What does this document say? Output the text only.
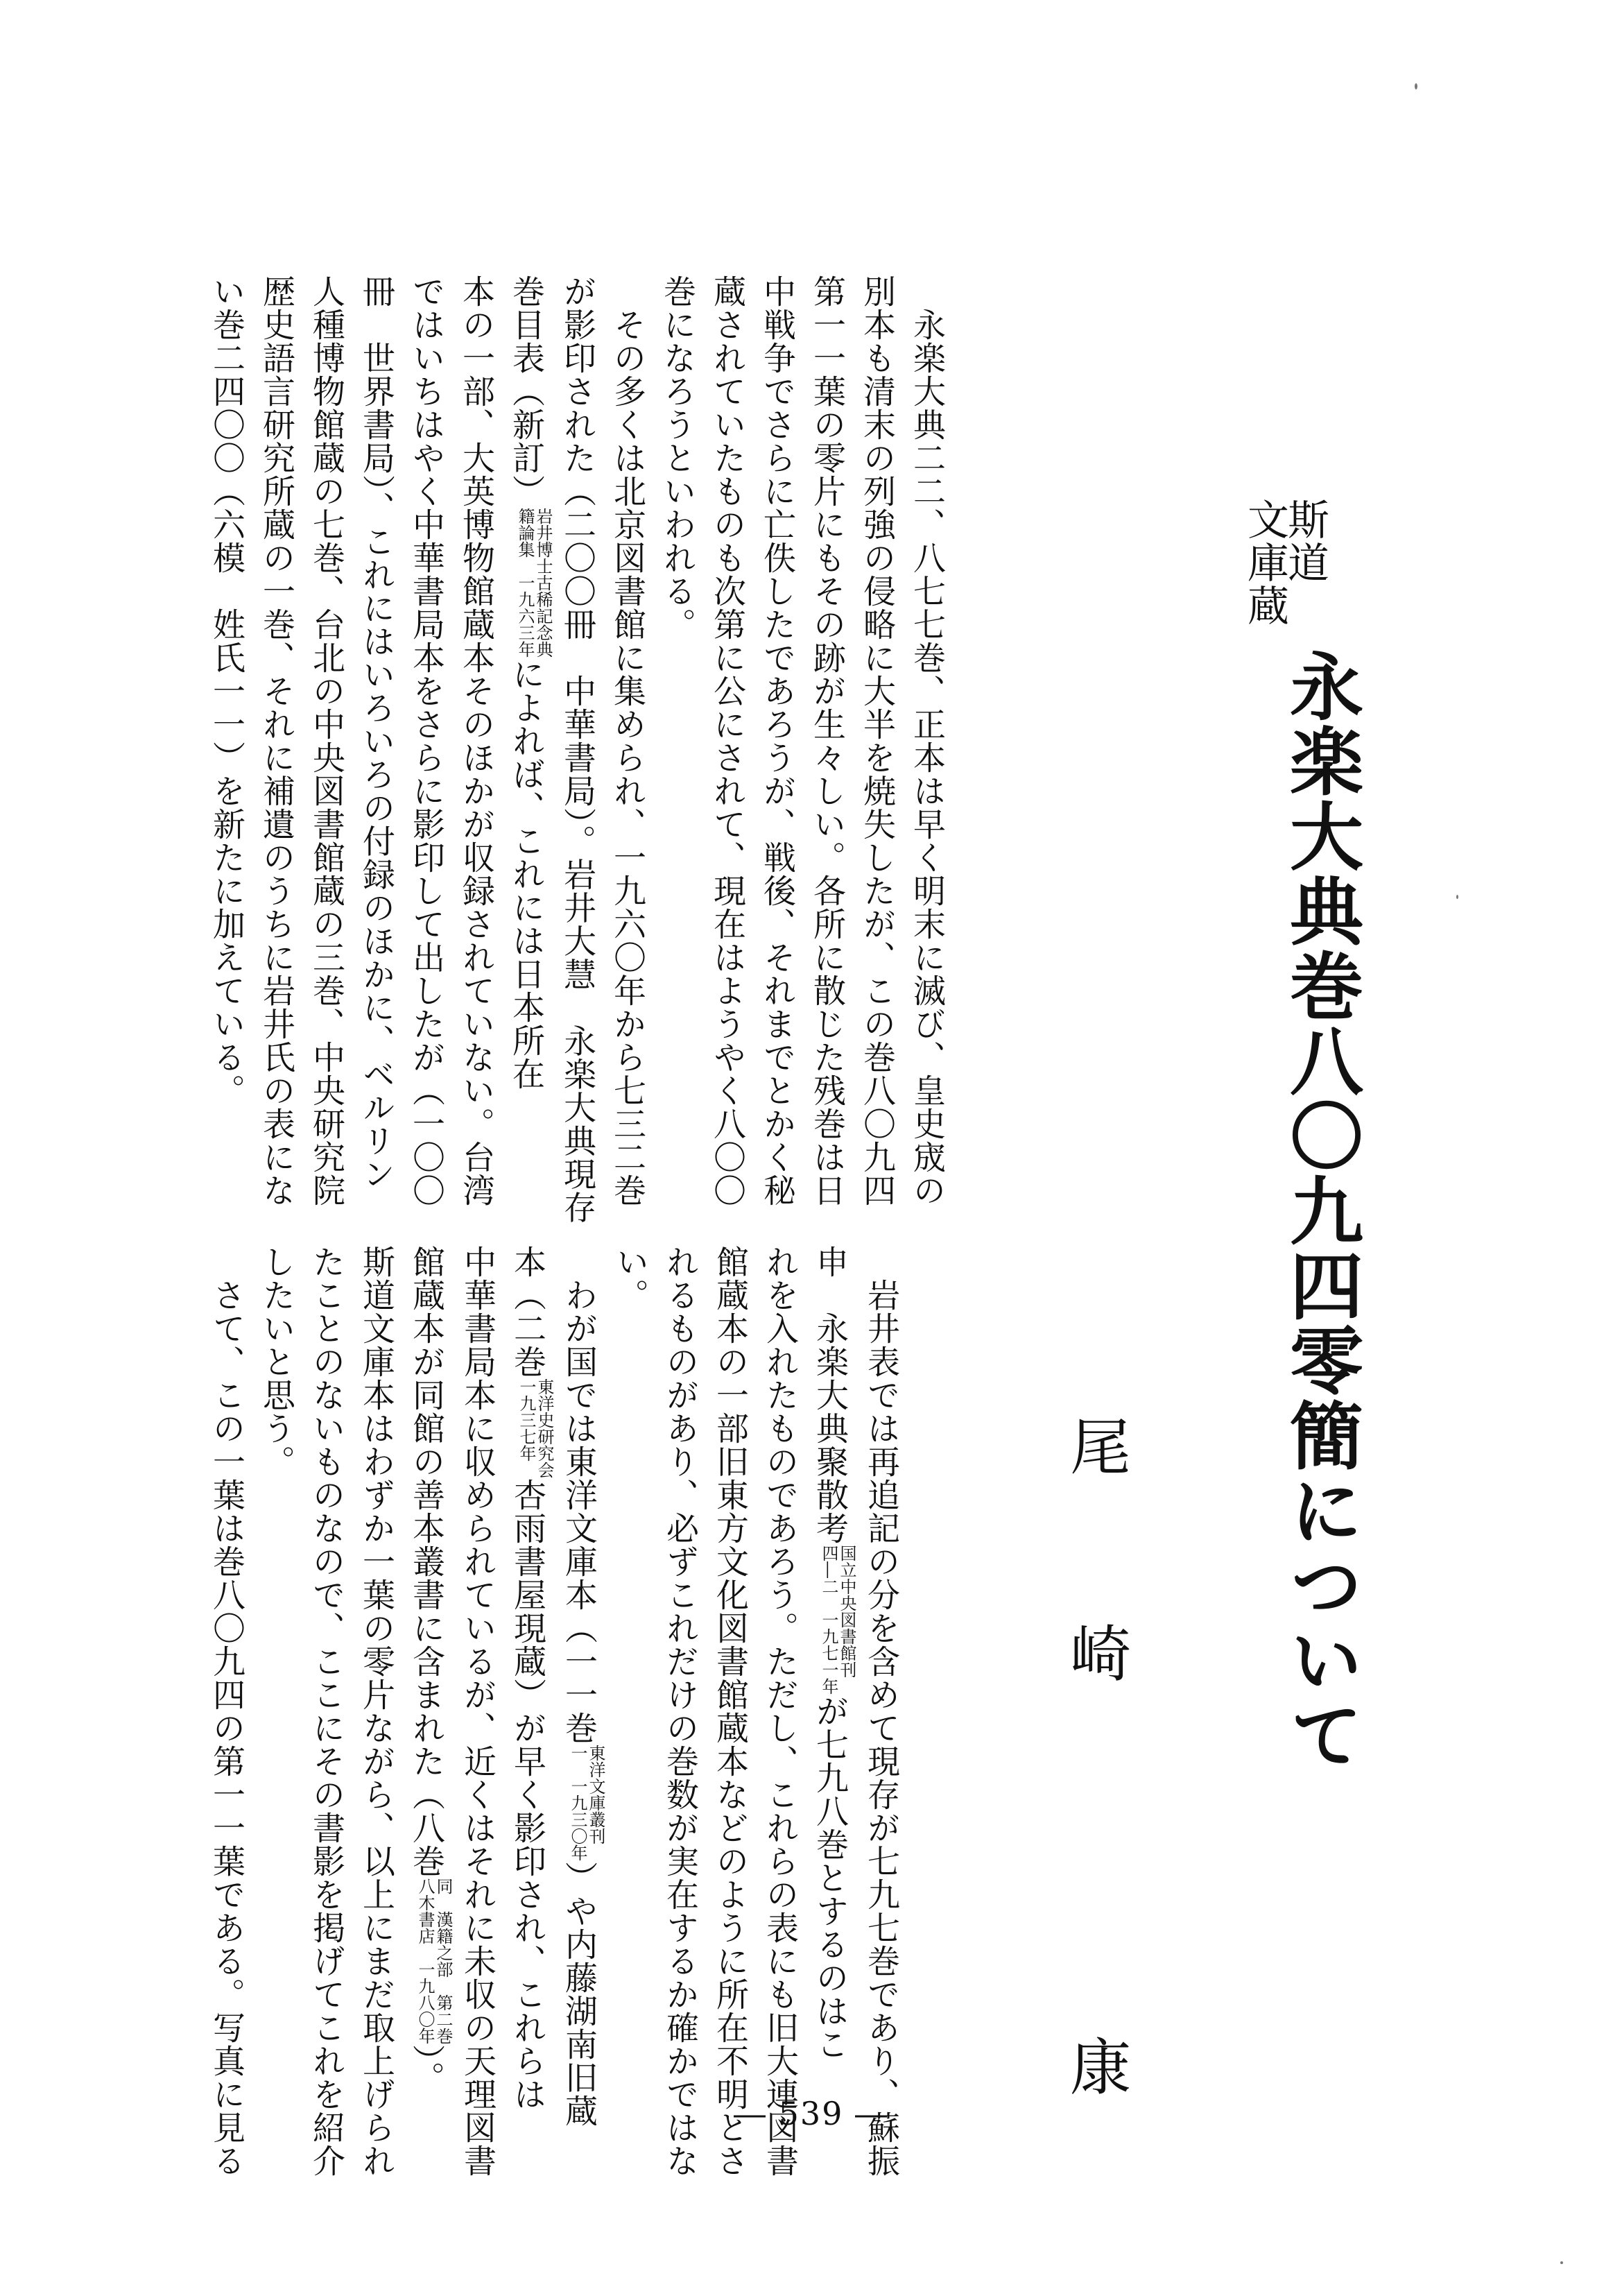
斯道
文庫蔵
永楽大典巻八〇九四零簡について
尾崎　康

　永楽大典二二、八七七巻、正本は早く明末に滅び、皇史宬の
別本も清末の列強の侵略に大半を焼失したが、この巻八〇九四
第一一葉の零片にもその跡が生々しい。各所に散じた残巻は日
中戦争でさらに亡佚したであろうが、戦後、それまでとかく秘
蔵されていたものも次第に公にされて、現在はようやく八〇〇
巻になろうといわれる。

　その多くは北京図書館に集められ、一九六〇年から七三二巻
が影印された（二〇〇冊　中華書局）。岩井大慧　永楽大典現存
巻目表（新訂）
岩井博士古稀記念典
籍論集　一九六三年
によれば、これには日本所在
本の一部、大英博物館蔵本そのほかが収録されていない。台湾
ではいちはやく中華書局本をさらに影印して出したが（一〇〇
冊　世界書局）、これにはいろいろの付録のほかに、ベルリン
人種博物館蔵の七巻、台北の中央図書館蔵の三巻、中央研究院
歴史語言研究所蔵の一巻、それに補遺のうちに岩井氏の表にな
い巻二四〇〇（六模　姓氏一一）を新たに加えている。

　岩井表では再追記の分を含めて現存が七九七巻であり、蘇振
申　永楽大典聚散考
国立中央図書館刊
四―二　一九七一年
が七九八巻とするのはこ
れを入れたものであろう。ただし、これらの表にも旧大連図書
館蔵本の一部旧東方文化図書館蔵本などのように所在不明とさ
れるものがあり、必ずこれだけの巻数が実在するか確かではな
い。

　わが国では東洋文庫本（一一巻
東洋文庫叢刊
一　一九三〇年
）や内藤湖南旧蔵
本（二巻
東洋史研究会
一九三七年
杏雨書屋現蔵）が早く影印され、これらは
中華書局本に収められているが、近くはそれに未収の天理図書
館蔵本が同館の善本叢書に含まれた（八巻
同　漢籍之部　第二巻
八木書店　一九八〇年
）。
斯道文庫本はわずか一葉の零片ながら、以上にまだ取上げられ
たことのないものなので、ここにその書影を掲げてこれを紹介
したいと思う。

　さて、この一葉は巻八〇九四の第一一葉である。写真に見る	― 539 ―
